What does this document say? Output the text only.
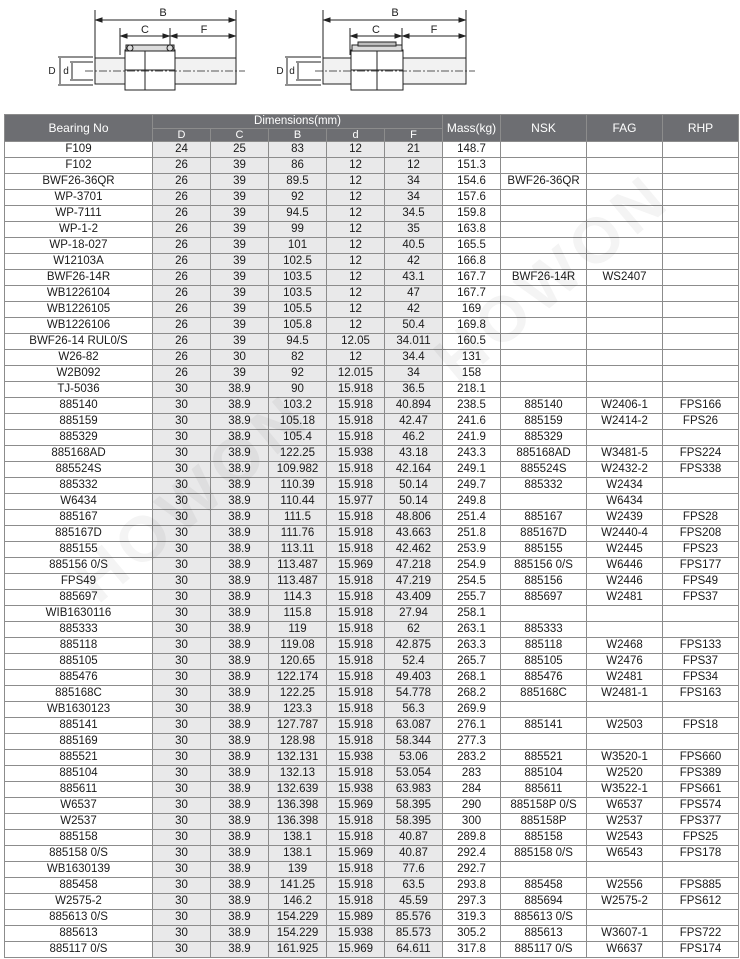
B
C	F
D d
B
C	F
D d
Bearing No	Dimensions(mm)					Mass(kg)	NSK	FAG	RHP
	D	C	B	d	F				
F109	24	25	83	12	21	148.7			
F102	26	39	86	12	12	151.3			
BWF26-36QR	26	39	89.5	12	34	154.6	BWF26-36QR		
WP-3701	26	39	92	12	34	157.6			
WP-7111	26	39	94.5	12	34.5	159.8			
WP-1-2	26	39	99	12	35	163.8			
WP-18-027	26	39	101	12	40.5	165.5			
W12103A	26	39	102.5	12	42	166.8			
BWF26-14R	26	39	103.5	12	43.1	167.7	BWF26-14R	WS2407	
WB1226104	26	39	103.5	12	47	167.7			
WB1226105	26	39	105.5	12	42	169			
WB1226106	26	39	105.8	12	50.4	169.8			
BWF26-14 RUL0/S	26	39	94.5	12.05	34.011	160.5			
W26-82	26	30	82	12	34.4	131			
W2B092	26	39	92	12.015	34	158			
TJ-5036	30	38.9	90	15.918	36.5	218.1			
885140	30	38.9	103.2	15.918	40.894	238.5	885140	W2406-1	FPS166
885159	30	38.9	105.18	15.918	42.47	241.6	885159	W2414-2	FPS26
885329	30	38.9	105.4	15.918	46.2	241.9	885329		
885168AD	30	38.9	122.25	15.938	43.18	243.3	885168AD	W3481-5	FPS224
885524S	30	38.9	109.982	15.918	42.164	249.1	885524S	W2432-2	FPS338
885332	30	38.9	110.39	15.918	50.14	249.7	885332	W2434	
W6434	30	38.9	110.44	15.977	50.14	249.8		W6434	
885167	30	38.9	111.5	15.918	48.806	251.4	885167	W2439	FPS28
885167D	30	38.9	111.76	15.918	43.663	251.8	885167D	W2440-4	FPS208
885155	30	38.9	113.11	15.918	42.462	253.9	885155	W2445	FPS23
885156 0/S	30	38.9	113.487	15.969	47.218	254.9	885156 0/S	W6446	FPS177
FPS49	30	38.9	113.487	15.918	47.219	254.5	885156	W2446	FPS49
885697	30	38.9	114.3	15.918	43.409	255.7	885697	W2481	FPS37
WIB1630116	30	38.9	115.8	15.918	27.94	258.1			
885333	30	38.9	119	15.918	62	263.1	885333		
885118	30	38.9	119.08	15.918	42.875	263.3	885118	W2468	FPS133
885105	30	38.9	120.65	15.918	52.4	265.7	885105	W2476	FPS37
885476	30	38.9	122.174	15.918	49.403	268.1	885476	W2481	FPS34
885168C	30	38.9	122.25	15.918	54.778	268.2	885168C	W2481-1	FPS163
WB1630123	30	38.9	123.3	15.918	56.3	269.9			
885141	30	38.9	127.787	15.918	63.087	276.1	885141	W2503	FPS18
885169	30	38.9	128.98	15.918	58.344	277.3			
885521	30	38.9	132.131	15.938	53.06	283.2	885521	W3520-1	FPS660
885104	30	38.9	132.13	15.918	53.054	283	885104	W2520	FPS389
885611	30	38.9	132.639	15.938	63.983	284	885611	W3522-1	FPS661
W6537	30	38.9	136.398	15.969	58.395	290	885158P 0/S	W6537	FPS574
W2537	30	38.9	136.398	15.918	58.395	300	885158P	W2537	FPS377
885158	30	38.9	138.1	15.918	40.87	289.8	885158	W2543	FPS25
885158 0/S	30	38.9	138.1	15.969	40.87	292.4	885158 0/S	W6543	FPS178
WB1630139	30	38.9	139	15.918	77.6	292.7			
885458	30	38.9	141.25	15.918	63.5	293.8	885458	W2556	FPS885
W2575-2	30	38.9	146.2	15.918	45.59	297.3	885694	W2575-2	FPS612
885613 0/S	30	38.9	154.229	15.989	85.576	319.3	885613 0/S		
885613	30	38.9	154.229	15.938	85.573	305.2	885613	W3607-1	FPS722
885117 0/S	30	38.9	161.925	15.969	64.611	317.8	885117 0/S	W6637	FPS174
